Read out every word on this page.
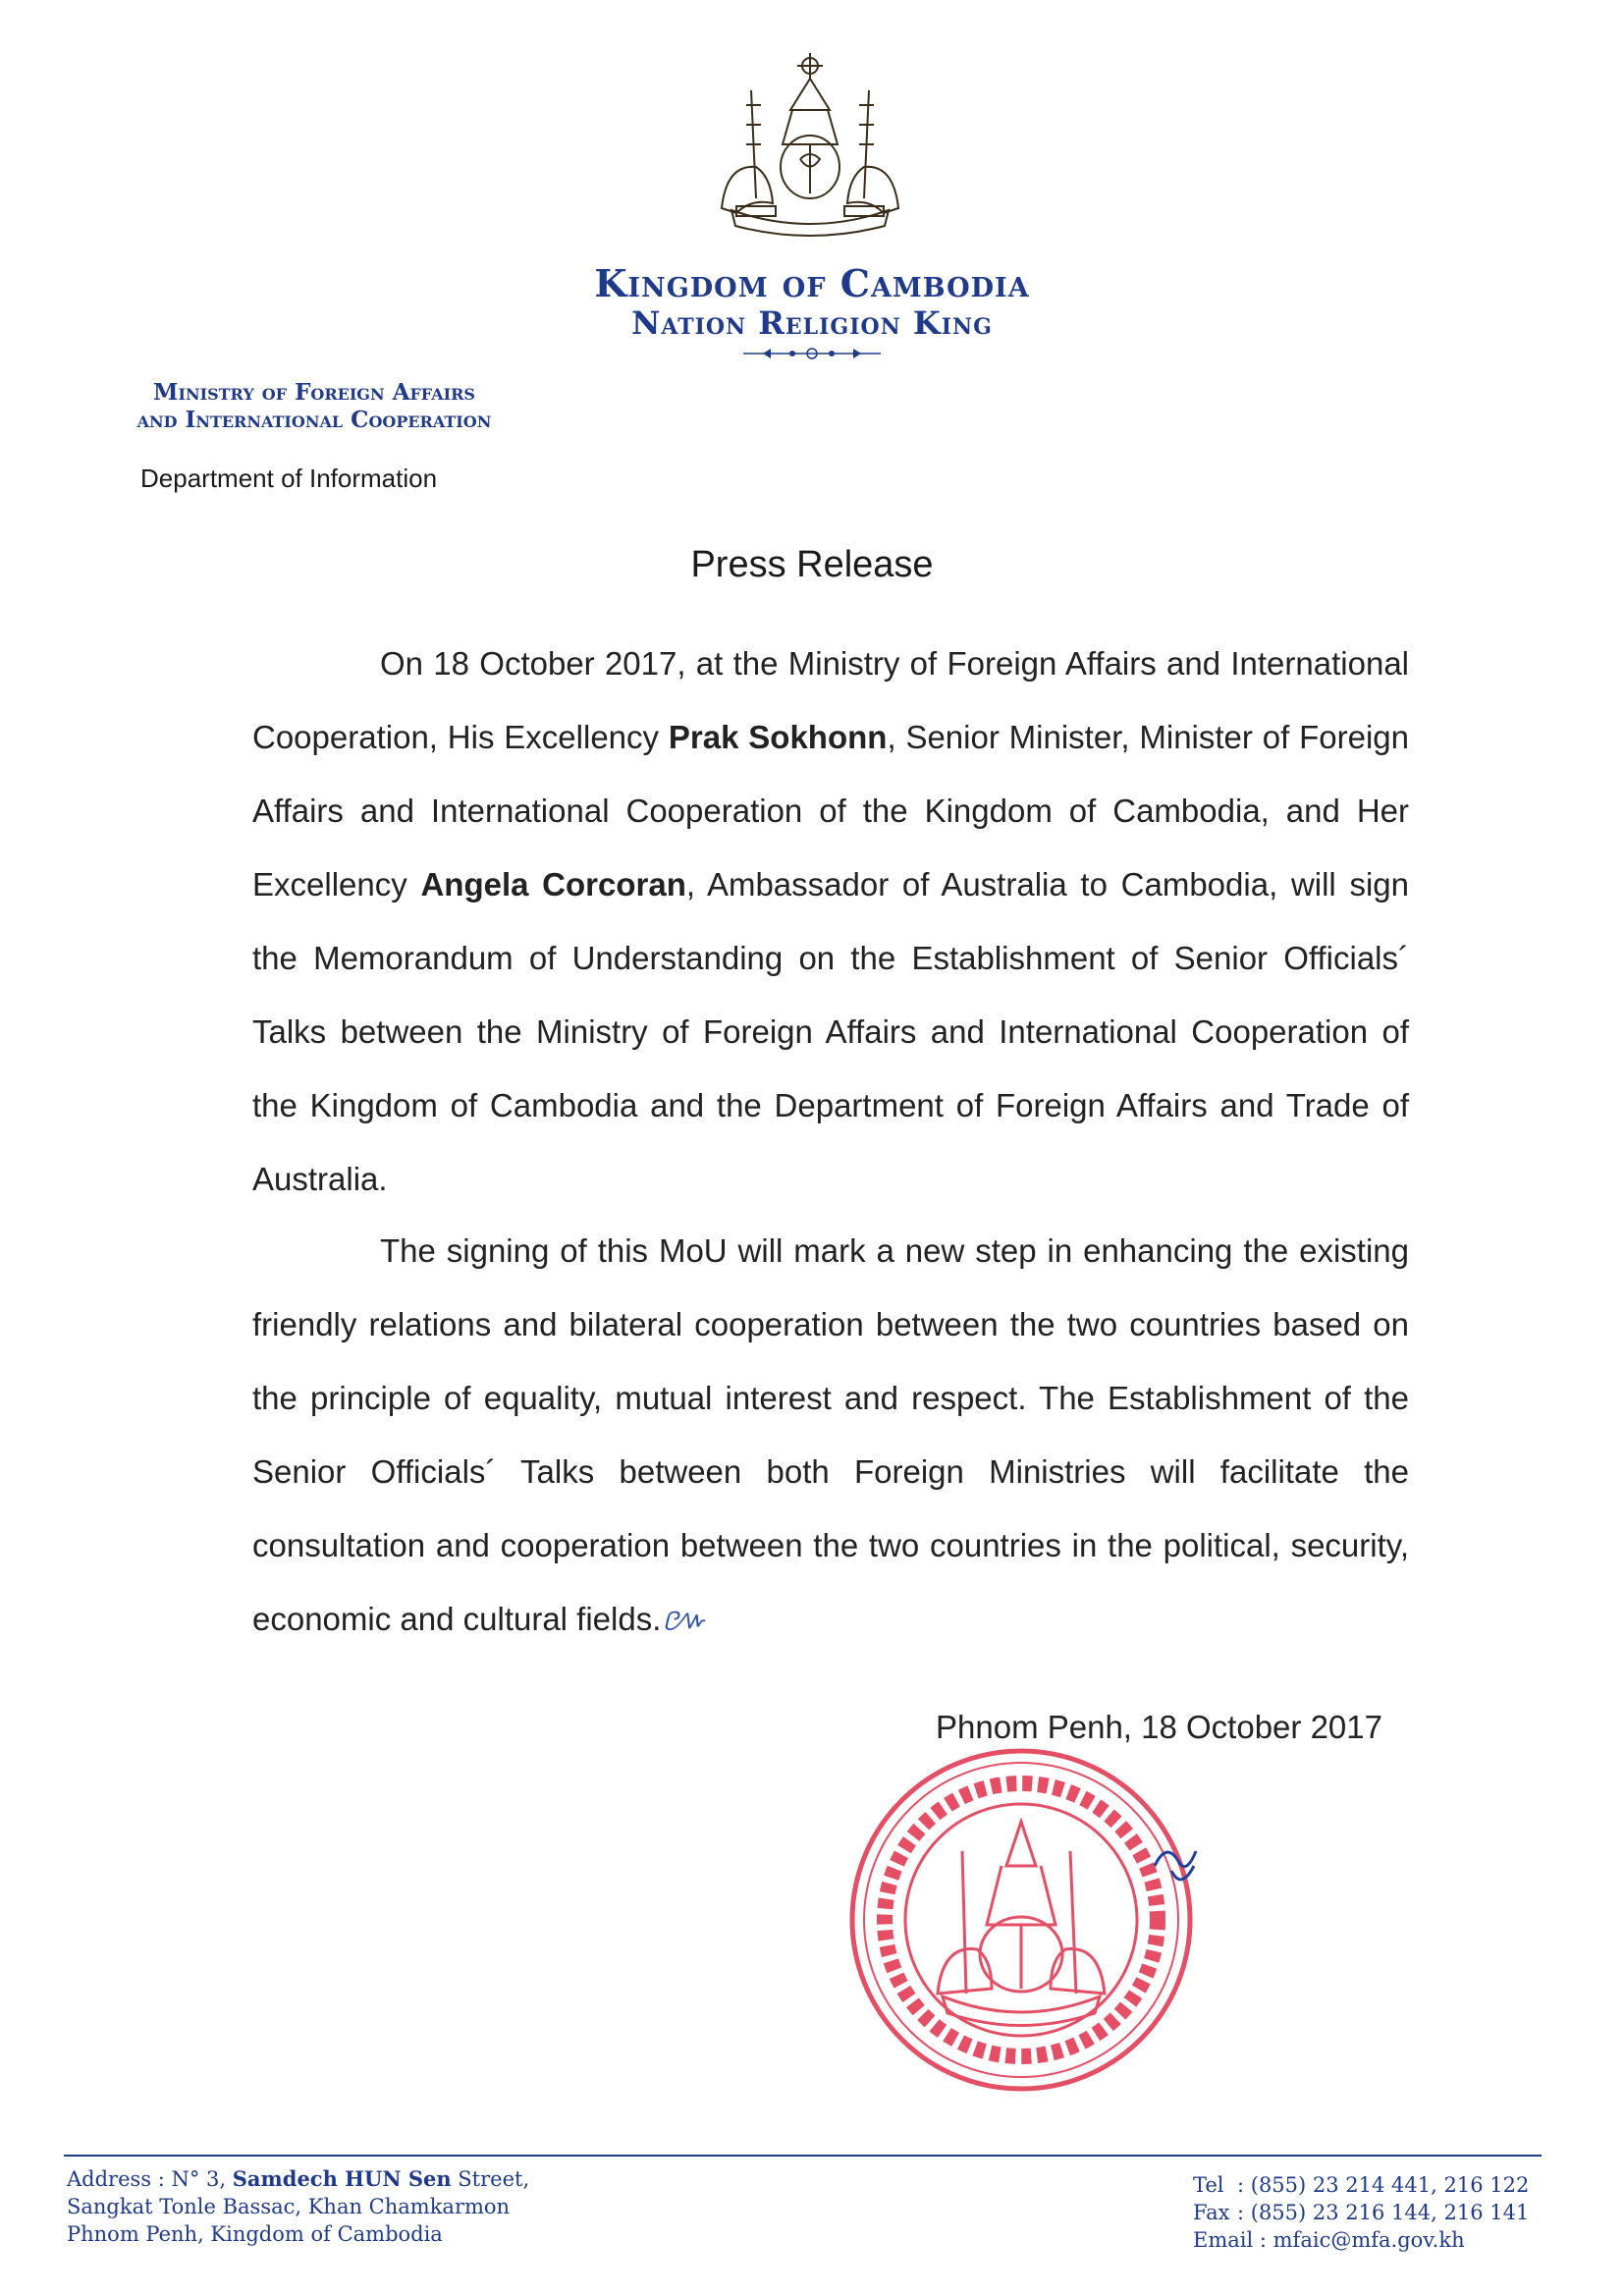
Kingdom of Cambodia
Nation Religion King
Ministry of Foreign Affairs
and International Cooperation
Department of Information
Press Release

On 18 October 2017, at the Ministry of Foreign Affairs and International Cooperation, His Excellency Prak Sokhonn, Senior Minister, Minister of Foreign Affairs and International Cooperation of the Kingdom of Cambodia, and Her Excellency Angela Corcoran, Ambassador of Australia to Cambodia, will sign the Memorandum of Understanding on the Establishment of Senior Officials´ Talks between the Ministry of Foreign Affairs and International Cooperation of the Kingdom of Cambodia and the Department of Foreign Affairs and Trade of Australia.

The signing of this MoU will mark a new step in enhancing the existing friendly relations and bilateral cooperation between the two countries based on the principle of equality, mutual interest and respect. The Establishment of the Senior Officials´ Talks between both Foreign Ministries will facilitate the consultation and cooperation between the two countries in the political, security, economic and cultural fields.៚

Phnom Penh, 18 October 2017
Address : N° 3, Samdech HUN Sen Street,
Sangkat Tonle Bassac, Khan Chamkarmon
Phnom Penh, Kingdom of Cambodia
Tel : (855) 23 214 441, 216 122
Fax : (855) 23 216 144, 216 141
Email : mfaic@mfa.gov.kh
